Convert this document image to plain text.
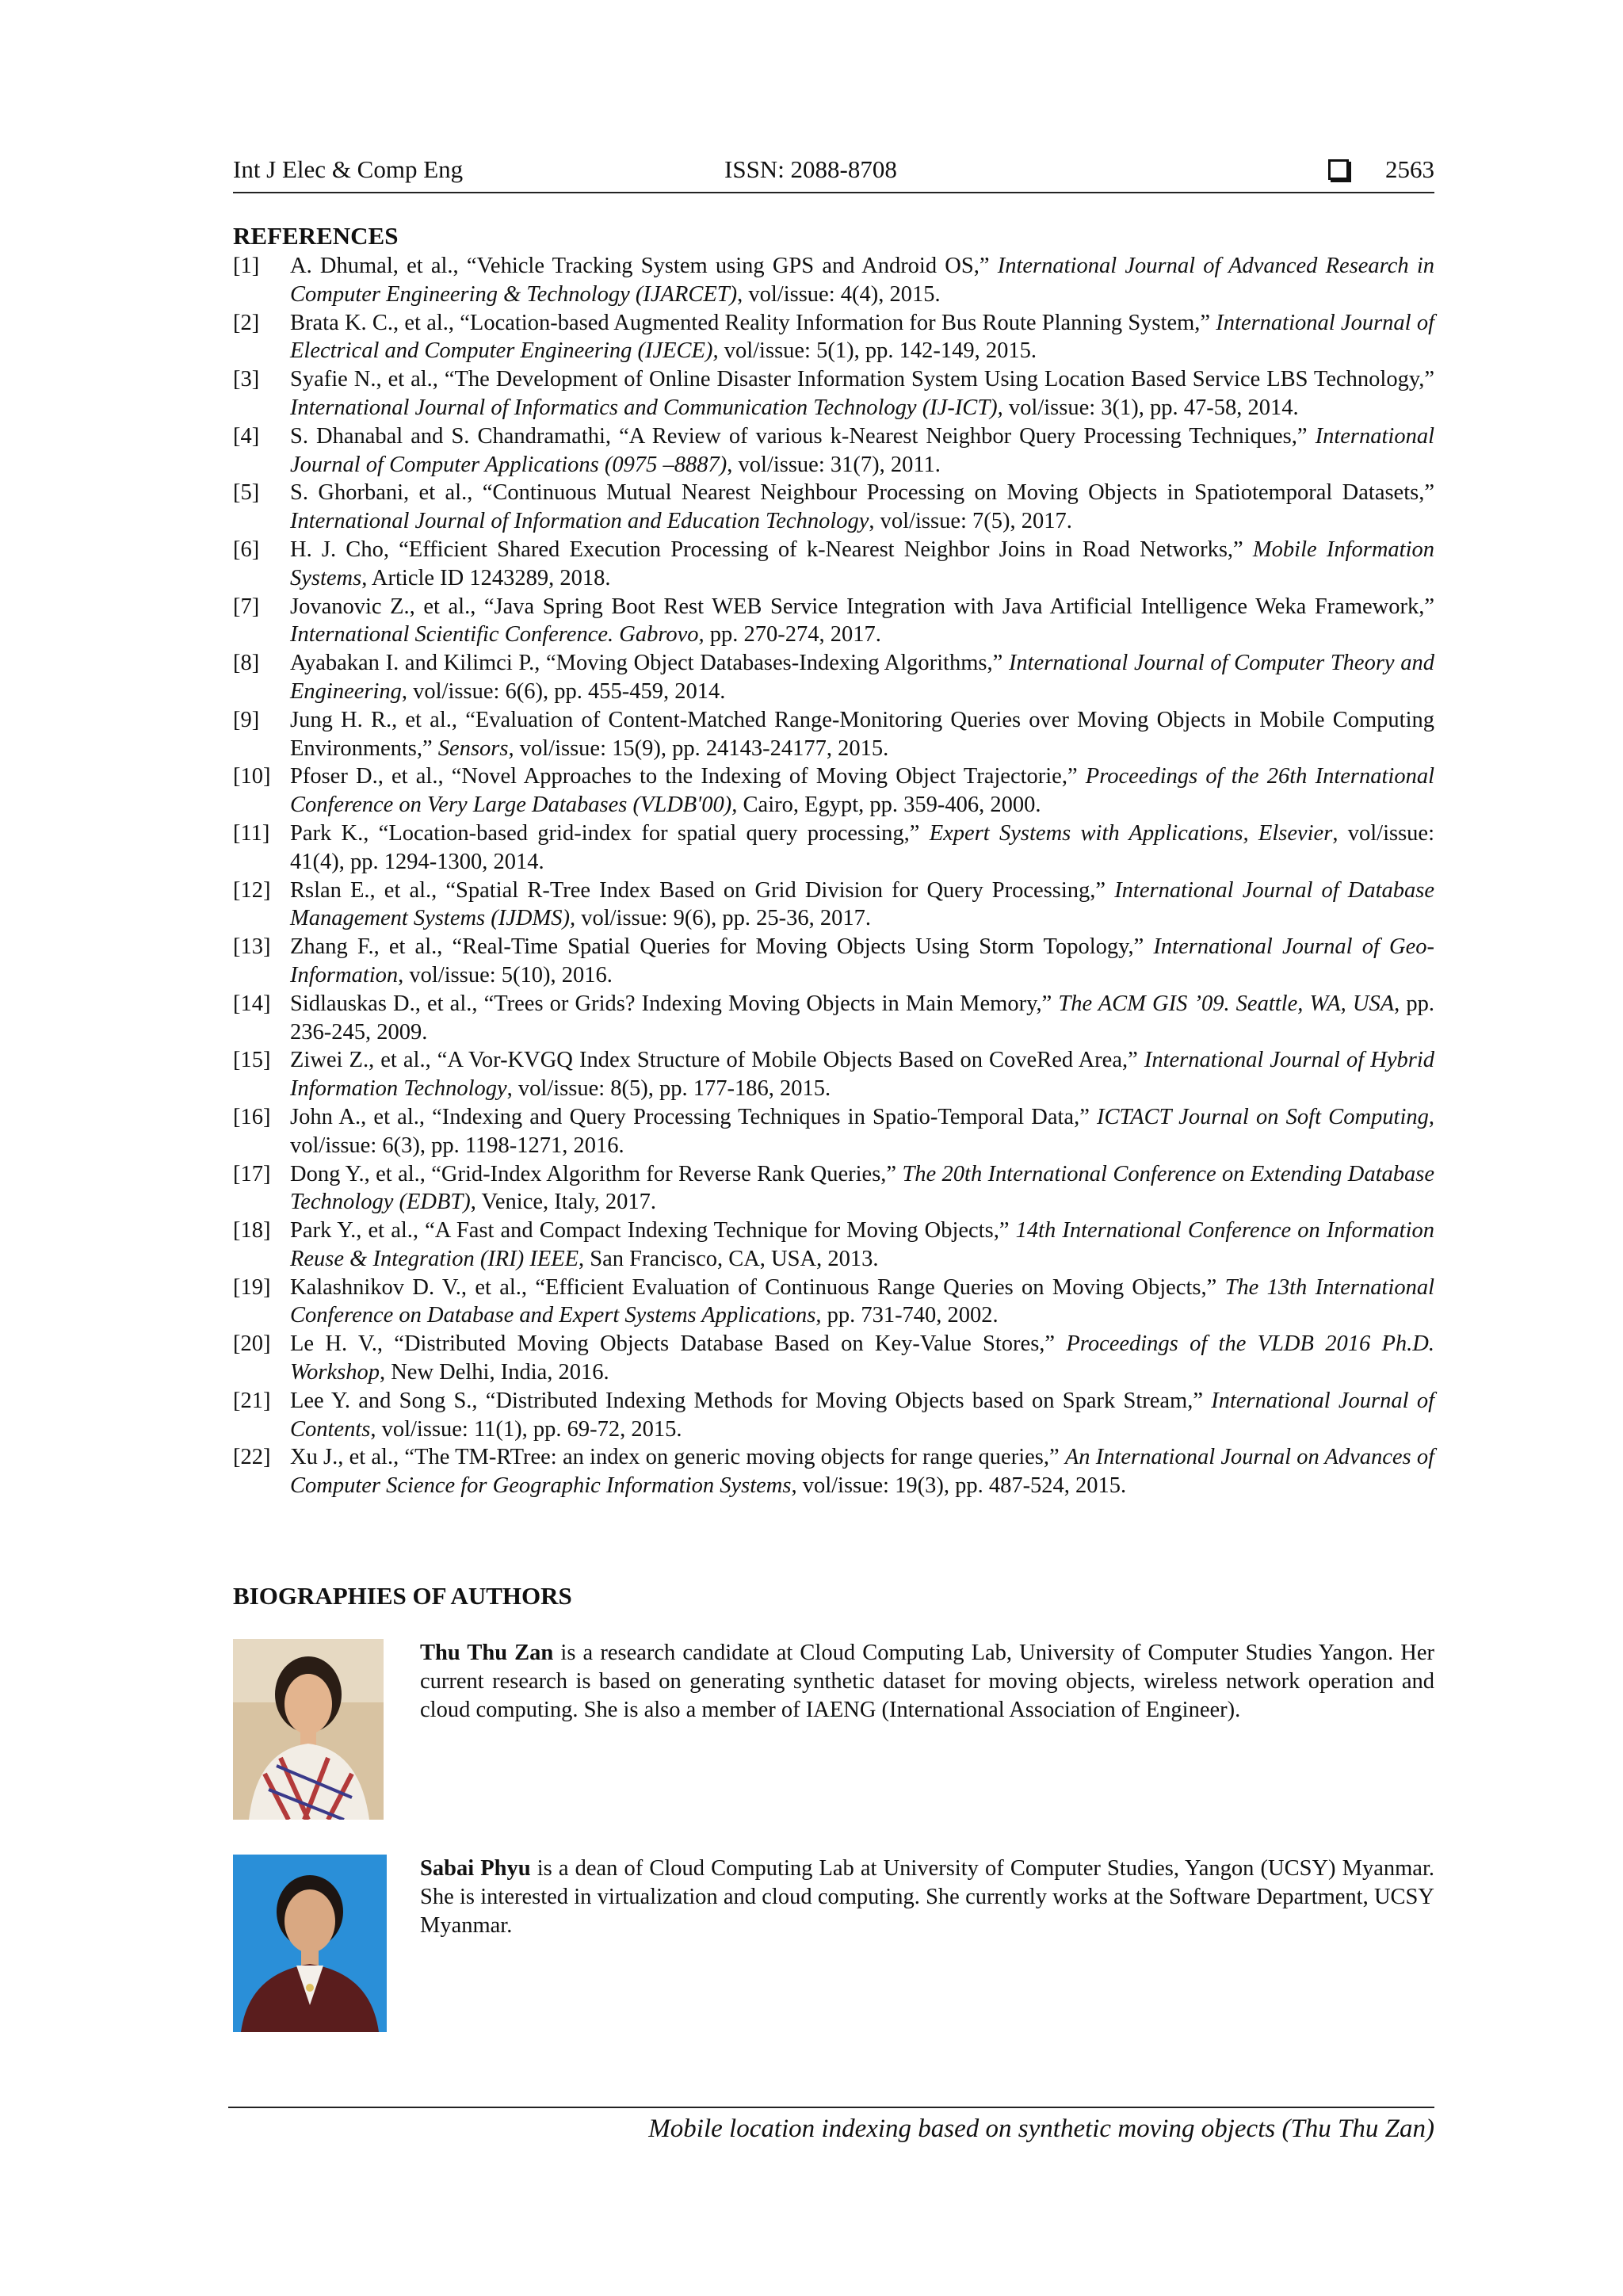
Int J Elec & Comp Eng	ISSN: 2088-8708	2563
REFERENCES
[1]	A. Dhumal, et al., “Vehicle Tracking System using GPS and Android OS,” International Journal of Advanced Research in Computer Engineering & Technology (IJARCET), vol/issue: 4(4), 2015.
[2]	Brata K. C., et al., “Location-based Augmented Reality Information for Bus Route Planning System,” International Journal of Electrical and Computer Engineering (IJECE), vol/issue: 5(1), pp. 142-149, 2015.
[3]	Syafie N., et al., “The Development of Online Disaster Information System Using Location Based Service LBS Technology,” International Journal of Informatics and Communication Technology (IJ-ICT), vol/issue: 3(1), pp. 47-58, 2014.
[4]	S. Dhanabal and S. Chandramathi, “A Review of various k-Nearest Neighbor Query Processing Techniques,” International Journal of Computer Applications (0975 –8887), vol/issue: 31(7), 2011.
[5]	S. Ghorbani, et al., “Continuous Mutual Nearest Neighbour Processing on Moving Objects in Spatiotemporal Datasets,” International Journal of Information and Education Technology, vol/issue: 7(5), 2017.
[6]	H. J. Cho, “Efficient Shared Execution Processing of k-Nearest Neighbor Joins in Road Networks,” Mobile Information Systems, Article ID 1243289, 2018.
[7]	Jovanovic Z., et al., “Java Spring Boot Rest WEB Service Integration with Java Artificial Intelligence Weka Framework,” International Scientific Conference. Gabrovo, pp. 270-274, 2017.
[8]	Ayabakan I. and Kilimci P., “Moving Object Databases-Indexing Algorithms,” International Journal of Computer Theory and Engineering, vol/issue: 6(6), pp. 455-459, 2014.
[9]	Jung H. R., et al., “Evaluation of Content-Matched Range-Monitoring Queries over Moving Objects in Mobile Computing Environments,” Sensors, vol/issue: 15(9), pp. 24143-24177, 2015.
[10] Pfoser D., et al., “Novel Approaches to the Indexing of Moving Object Trajectorie,” Proceedings of the 26th International Conference on Very Large Databases (VLDB'00), Cairo, Egypt, pp. 359-406, 2000.
[11] Park K., “Location-based grid-index for spatial query processing,” Expert Systems with Applications, Elsevier, vol/issue: 41(4), pp. 1294-1300, 2014.
[12] Rslan E., et al., “Spatial R-Tree Index Based on Grid Division for Query Processing,” International Journal of Database Management Systems (IJDMS), vol/issue: 9(6), pp. 25-36, 2017.
[13] Zhang F., et al., “Real-Time Spatial Queries for Moving Objects Using Storm Topology,” International Journal of Geo-Information, vol/issue: 5(10), 2016.
[14] Sidlauskas D., et al., “Trees or Grids? Indexing Moving Objects in Main Memory,” The ACM GIS ’09. Seattle, WA, USA, pp. 236-245, 2009.
[15] Ziwei Z., et al., “A Vor-KVGQ Index Structure of Mobile Objects Based on CoveRed Area,” International Journal of Hybrid Information Technology, vol/issue: 8(5), pp. 177-186, 2015.
[16] John A., et al., “Indexing and Query Processing Techniques in Spatio-Temporal Data,” ICTACT Journal on Soft Computing, vol/issue: 6(3), pp. 1198-1271, 2016.
[17] Dong Y., et al., “Grid-Index Algorithm for Reverse Rank Queries,” The 20th International Conference on Extending Database Technology (EDBT), Venice, Italy, 2017.
[18] Park Y., et al., “A Fast and Compact Indexing Technique for Moving Objects,” 14th International Conference on Information Reuse & Integration (IRI) IEEE, San Francisco, CA, USA, 2013.
[19] Kalashnikov D. V., et al., “Efficient Evaluation of Continuous Range Queries on Moving Objects,” The 13th International Conference on Database and Expert Systems Applications, pp. 731-740, 2002.
[20] Le H. V., “Distributed Moving Objects Database Based on Key-Value Stores,” Proceedings of the VLDB 2016 Ph.D. Workshop, New Delhi, India, 2016.
[21] Lee Y. and Song S., “Distributed Indexing Methods for Moving Objects based on Spark Stream,” International Journal of Contents, vol/issue: 11(1), pp. 69-72, 2015.
[22] Xu J., et al., “The TM-RTree: an index on generic moving objects for range queries,” An International Journal on Advances of Computer Science for Geographic Information Systems, vol/issue: 19(3), pp. 487-524, 2015.
BIOGRAPHIES OF AUTHORS
Thu Thu Zan is a research candidate at Cloud Computing Lab, University of Computer Studies Yangon. Her current research is based on generating synthetic dataset for moving objects, wireless network operation and cloud computing. She is also a member of IAENG (International Association of Engineer).
Sabai Phyu is a dean of Cloud Computing Lab at University of Computer Studies, Yangon (UCSY) Myanmar. She is interested in virtualization and cloud computing. She currently works at the Software Department, UCSY Myanmar.
Mobile location indexing based on synthetic moving objects (Thu Thu Zan)
